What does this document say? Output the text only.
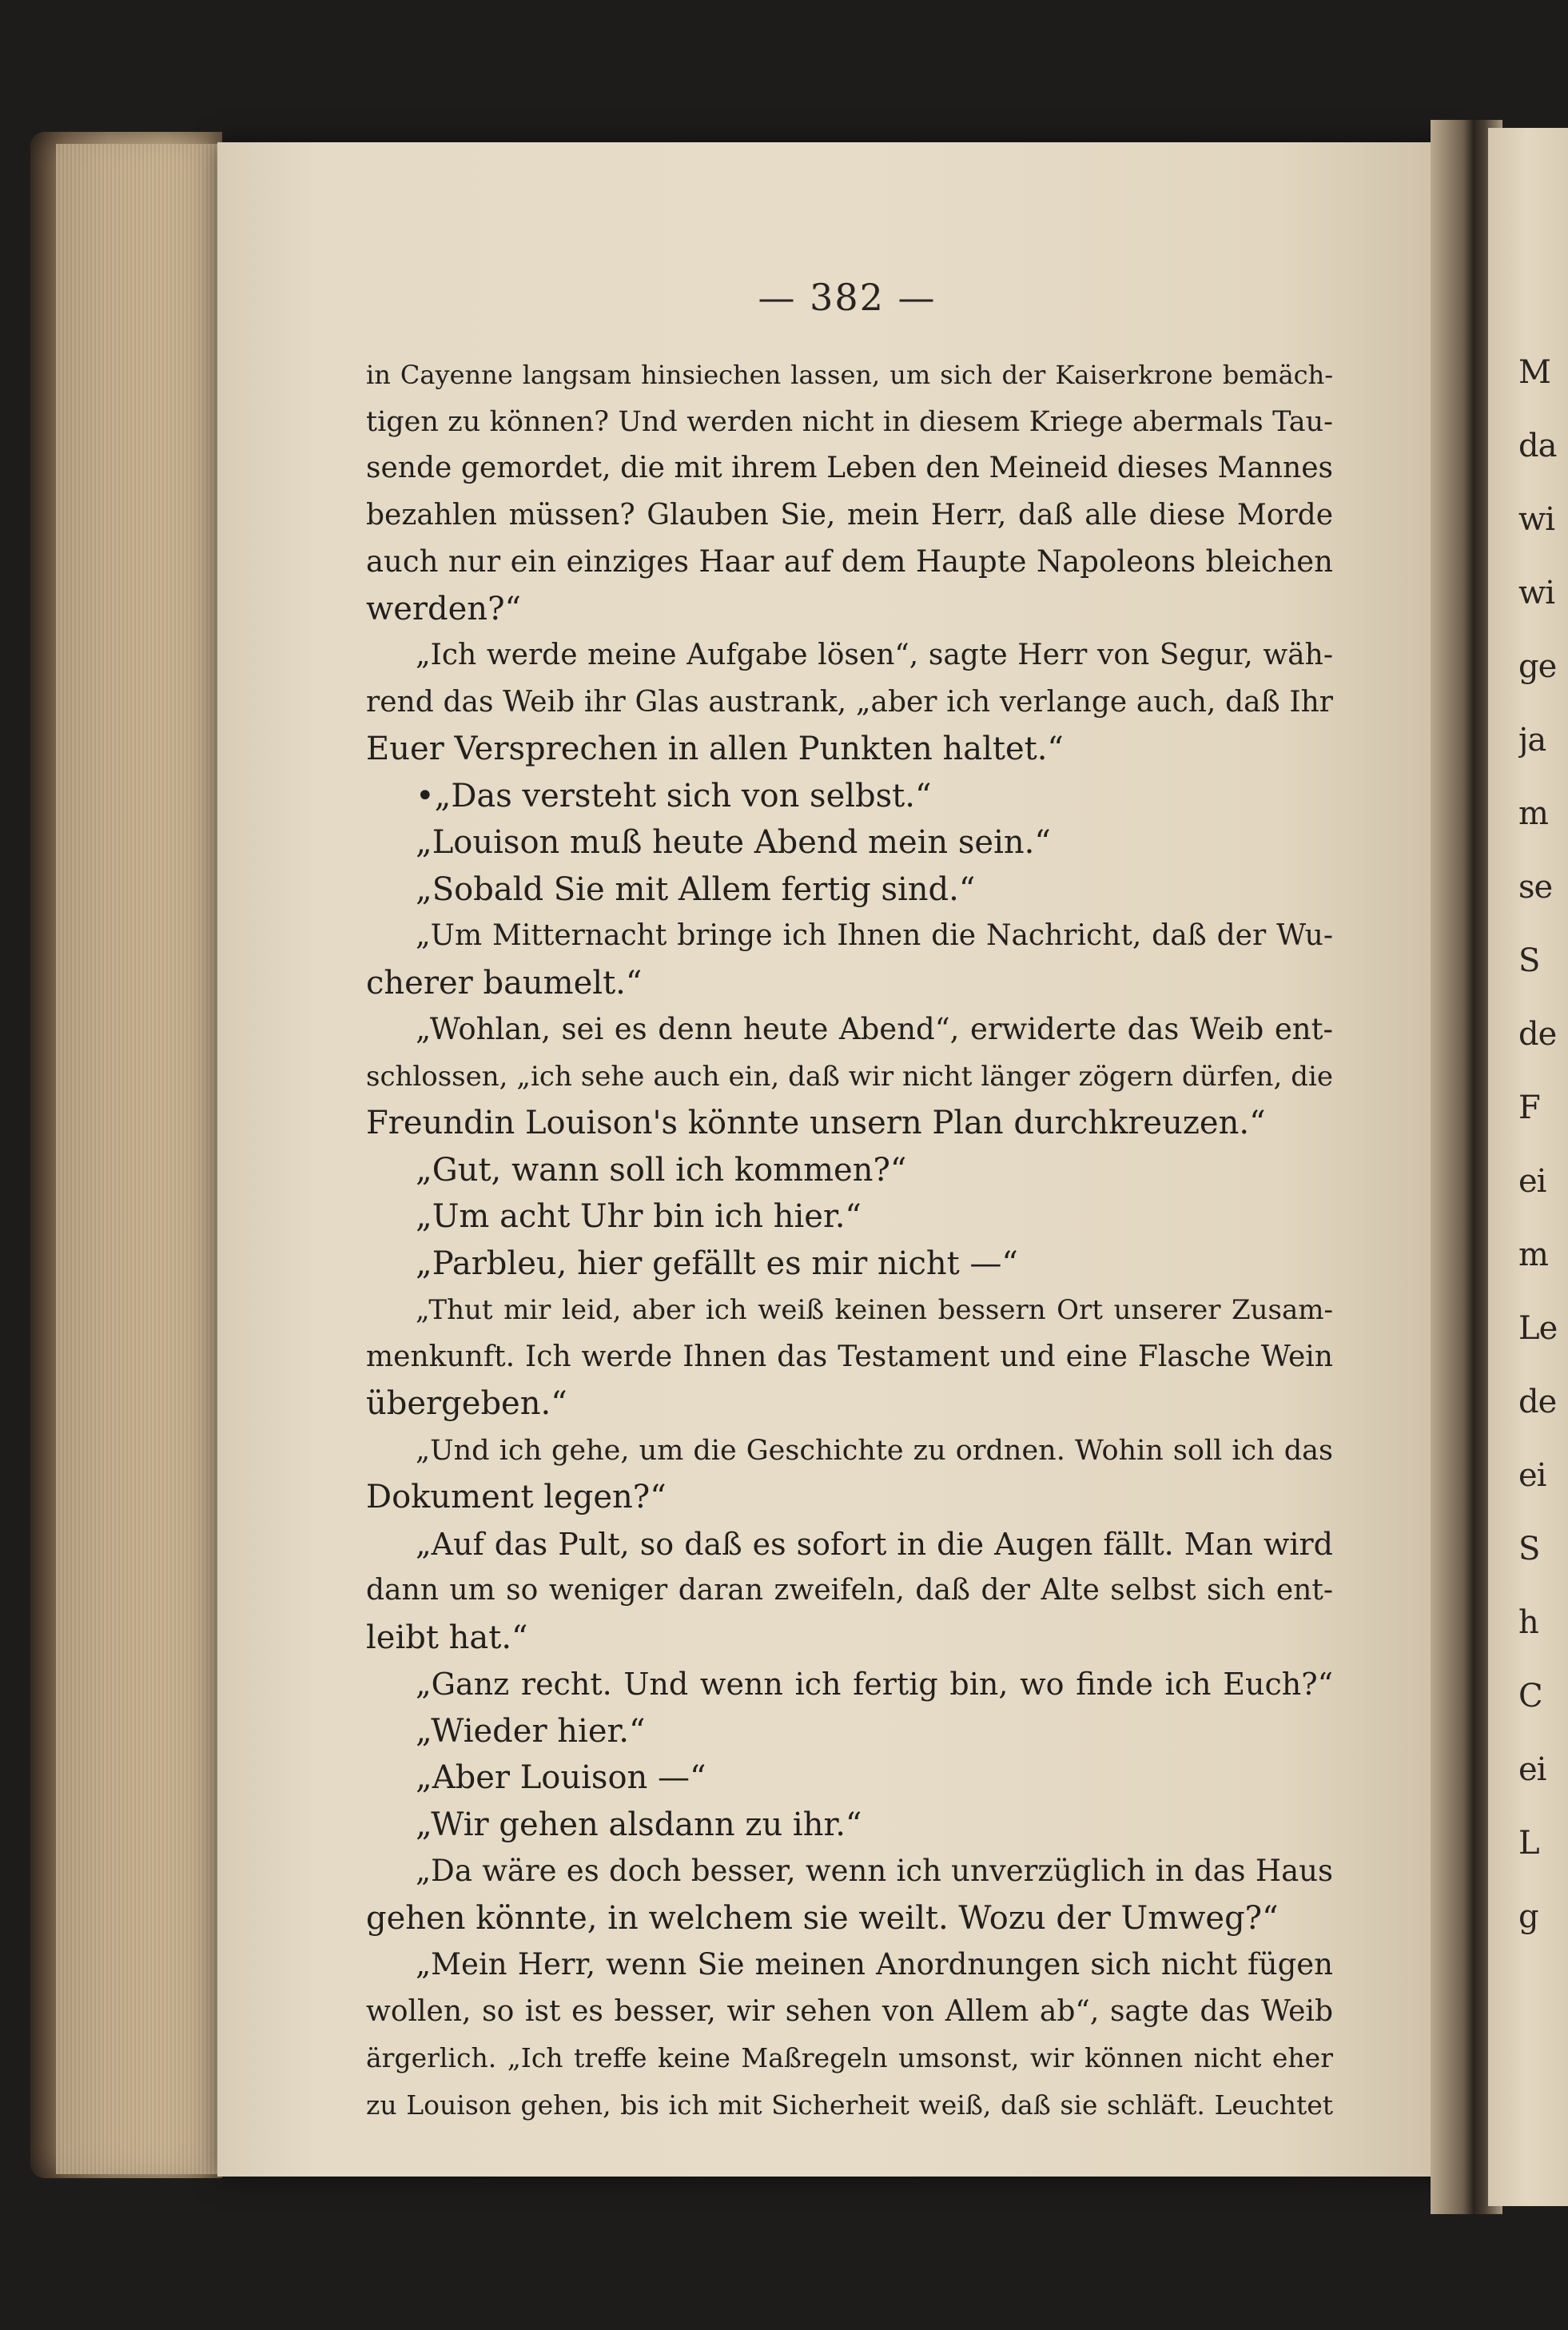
M
da
wi
wi
ge
ja
m
se
S
de
F
ei
m
Le
de
ei
S
h
C
ei
L
g
— 382 —
in Cayenne langsam hinsiechen lassen, um sich der Kaiserkrone bemäch-
tigen zu können? Und werden nicht in diesem Kriege abermals Tau-
sende gemordet, die mit ihrem Leben den Meineid dieses Mannes
bezahlen müssen? Glauben Sie, mein Herr, daß alle diese Morde
auch nur ein einziges Haar auf dem Haupte Napoleons bleichen
werden?“
„Ich werde meine Aufgabe lösen“, sagte Herr von Segur, wäh-
rend das Weib ihr Glas austrank, „aber ich verlange auch, daß Ihr
Euer Versprechen in allen Punkten haltet.“
•„Das versteht sich von selbst.“
„Louison muß heute Abend mein sein.“
„Sobald Sie mit Allem fertig sind.“
„Um Mitternacht bringe ich Ihnen die Nachricht, daß der Wu-
cherer baumelt.“
„Wohlan, sei es denn heute Abend“, erwiderte das Weib ent-
schlossen, „ich sehe auch ein, daß wir nicht länger zögern dürfen, die
Freundin Louison's könnte unsern Plan durchkreuzen.“
„Gut, wann soll ich kommen?“
„Um acht Uhr bin ich hier.“
„Parbleu, hier gefällt es mir nicht —“
„Thut mir leid, aber ich weiß keinen bessern Ort unserer Zusam-
menkunft. Ich werde Ihnen das Testament und eine Flasche Wein
übergeben.“
„Und ich gehe, um die Geschichte zu ordnen. Wohin soll ich das
Dokument legen?“
„Auf das Pult, so daß es sofort in die Augen fällt. Man wird
dann um so weniger daran zweifeln, daß der Alte selbst sich ent-
leibt hat.“
„Ganz recht. Und wenn ich fertig bin, wo finde ich Euch?“
„Wieder hier.“
„Aber Louison —“
„Wir gehen alsdann zu ihr.“
„Da wäre es doch besser, wenn ich unverzüglich in das Haus
gehen könnte, in welchem sie weilt. Wozu der Umweg?“
„Mein Herr, wenn Sie meinen Anordnungen sich nicht fügen
wollen, so ist es besser, wir sehen von Allem ab“, sagte das Weib
ärgerlich. „Ich treffe keine Maßregeln umsonst, wir können nicht eher
zu Louison gehen, bis ich mit Sicherheit weiß, daß sie schläft. Leuchtet
